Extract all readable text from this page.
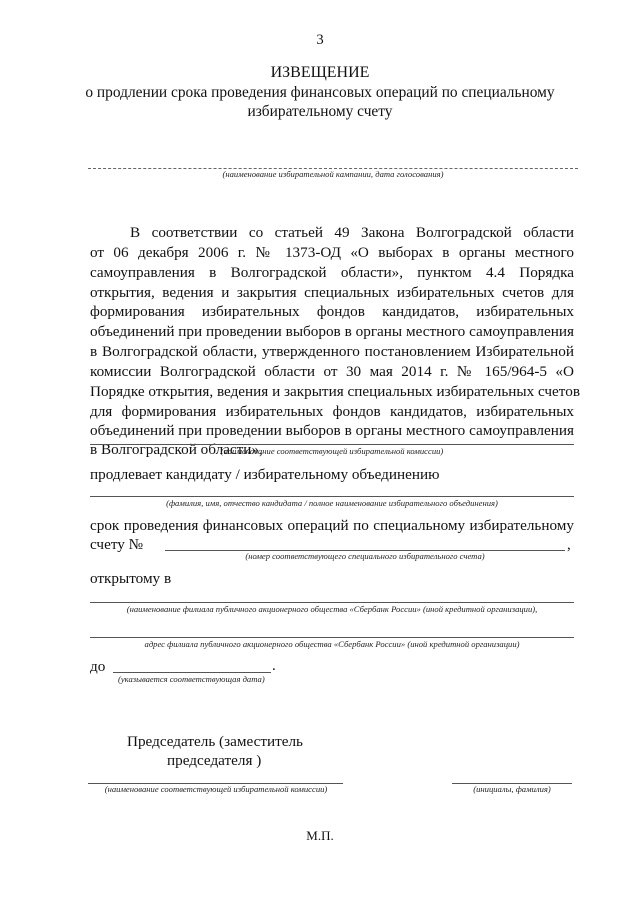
3
ИЗВЕЩЕНИЕ
о продлении срока проведения финансовых операций по специальному
избирательному счету
(наименование избирательной кампании, дата голосования)
В соответствии со статьей 49 Закона Волгоградской области
от 06 декабря 2006 г. № 1373-ОД «О выборах в органы местного
самоуправления в Волгоградской области», пунктом 4.4 Порядка
открытия, ведения и закрытия специальных избирательных счетов для
формирования избирательных фондов кандидатов, избирательных
объединений при проведении выборов в органы местного самоуправления
в Волгоградской области, утвержденного постановлением Избирательной
комиссии Волгоградской области от 30 мая 2014 г. № 165/964-5 «О
Порядке открытия, ведения и закрытия специальных избирательных счетов
для формирования избирательных фондов кандидатов, избирательных
объединений при проведении выборов в органы местного самоуправления
в Волгоградской области»,
(наименование соответствующей избирательной комиссии)
продлевает кандидату / избирательному объединению
(фамилия, имя, отчество кандидата / полное наименование избирательного объединения)
срок проведения финансовых операций по специальному избирательному
счету №	,
(номер соответствующего специального избирательного счета)
открытому в
(наименование филиала публичного акционерного общества «Сбербанк России» (иной кредитной организации),
адрес филиала публичного акционерного общества «Сбербанк России» (иной кредитной организации)
до	.
(указывается соответствующая дата)
Председатель (заместитель
председателя )
(наименование соответствующей избирательной комиссии)	(инициалы, фамилия)
М.П.
